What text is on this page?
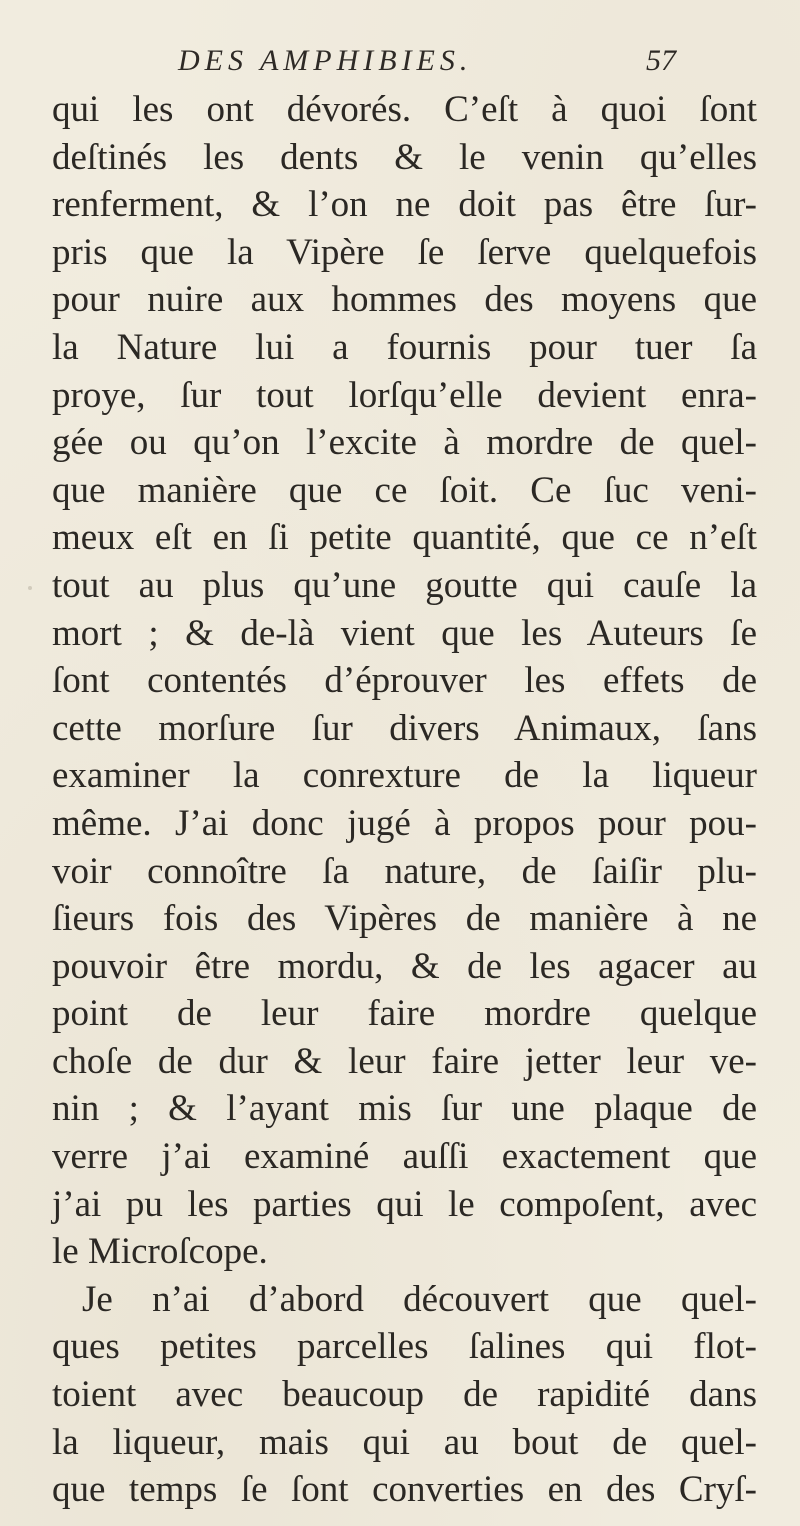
DES AMPHIBIES.	57
qui les ont dévorés. C’eſt à quoi ſont
deſtinés les dents & le venin qu’elles
renferment, & l’on ne doit pas être ſur-
pris que la Vipère ſe ſerve quelquefois
pour nuire aux hommes des moyens que
la Nature lui a fournis pour tuer ſa
proye, ſur tout lorſqu’elle devient enra-
gée ou qu’on l’excite à mordre de quel-
que manière que ce ſoit. Ce ſuc veni-
meux eſt en ſi petite quantité, que ce n’eſt
tout au plus qu’une goutte qui cauſe la
mort ; & de-là vient que les Auteurs ſe
ſont contentés d’éprouver les effets de
cette morſure ſur divers Animaux, ſans
examiner la conrexture de la liqueur
même. J’ai donc jugé à propos pour pou-
voir connoître ſa nature, de ſaiſir plu-
ſieurs fois des Vipères de manière à ne
pouvoir être mordu, & de les agacer au
point de leur faire mordre quelque
choſe de dur & leur faire jetter leur ve-
nin ; & l’ayant mis ſur une plaque de
verre j’ai examiné auſſi exactement que
j’ai pu les parties qui le compoſent, avec
le Microſcope.
Je n’ai d’abord découvert que quel-
ques petites parcelles ſalines qui flot-
toient avec beaucoup de rapidité dans
la liqueur, mais qui au bout de quel-
que temps ſe ſont converties en des Cryſ-
